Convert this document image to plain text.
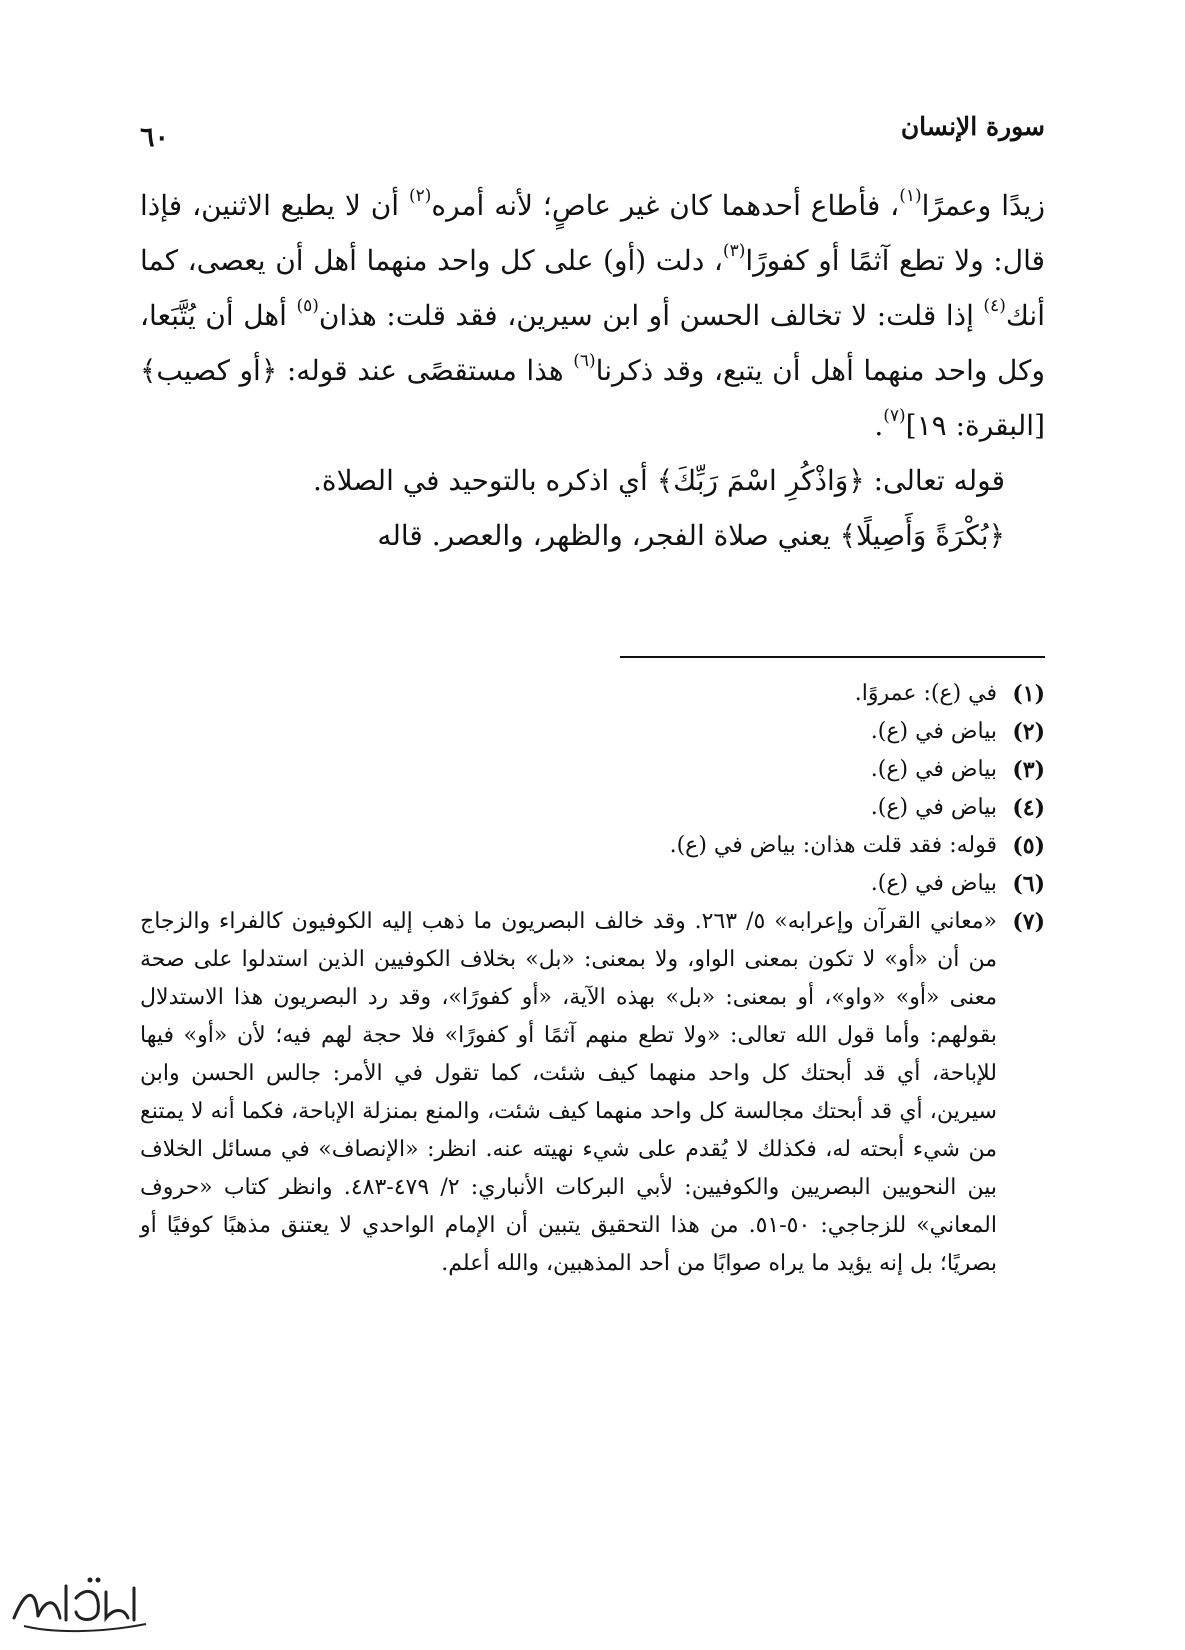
سورة الإنسان
٦٠

زيدًا وعمرًا$^{(١)}$، فأطاع أحدهما كان غير عاصٍ؛ لأنه أمره$^{(٢)}$ أن لا يطيع الاثنين، فإذا قال: ولا تطع آثمًا أو كفورًا$^{(٣)}$، دلت (أو) على كل واحد منهما أهل أن يعصى، كما أنك$^{(٤)}$ إذا قلت: لا تخالف الحسن أو ابن سيرين، فقد قلت: هذان$^{(٥)}$ أهل أن يُتَّبَعا، وكل واحد منهما أهل أن يتبع، وقد ذكرنا$^{(٦)}$ هذا مستقصًى عند قوله: ﴿أو كصيب﴾ [البقرة: ١٩]$^{(٧)}$.

قوله تعالى: ﴿وَاذْكُرِ اسْمَ رَبِّكَ﴾ أي اذكره بالتوحيد في الصلاة.

﴿بُكْرَةً وَأَصِيلًا﴾ يعني صلاة الفجر، والظهر، والعصر. قاله

(١)
في (ع): عمروًا.
(٢)
بياض في (ع).
(٣)
بياض في (ع).
(٤)
بياض في (ع).
(٥)
قوله: فقد قلت هذان: بياض في (ع).
(٦)
بياض في (ع).
(٧)
«معاني القرآن وإعرابه» ٥/ ٢٦٣. وقد خالف البصريون ما ذهب إليه الكوفيون كالفراء والزجاج من أن «أو» لا تكون بمعنى الواو، ولا بمعنى: «بل» بخلاف الكوفيين الذين استدلوا على صحة معنى «أو» «واو»، أو بمعنى: «بل» بهذه الآية، «أو كفورًا»، وقد رد البصريون هذا الاستدلال بقولهم: وأما قول الله تعالى: «ولا تطع منهم آثمًا أو كفورًا» فلا حجة لهم فيه؛ لأن «أو» فيها للإباحة، أي قد أبحتك كل واحد منهما كيف شئت، كما تقول في الأمر: جالس الحسن وابن سيرين، أي قد أبحتك مجالسة كل واحد منهما كيف شئت، والمنع بمنزلة الإباحة، فكما أنه لا يمتنع من شيء أبحته له، فكذلك لا يُقدم على شيء نهيته عنه. انظر: «الإنصاف» في مسائل الخلاف بين النحويين البصريين والكوفيين: لأبي البركات الأنباري: ٢/ ٤٧٩-٤٨٣. وانظر كتاب «حروف المعاني» للزجاجي: ٥٠-٥١. من هذا التحقيق يتبين أن الإمام الواحدي لا يعتنق مذهبًا كوفيًا أو بصريًا؛ بل إنه يؤيد ما يراه صوابًا من أحد المذهبين، والله أعلم.
